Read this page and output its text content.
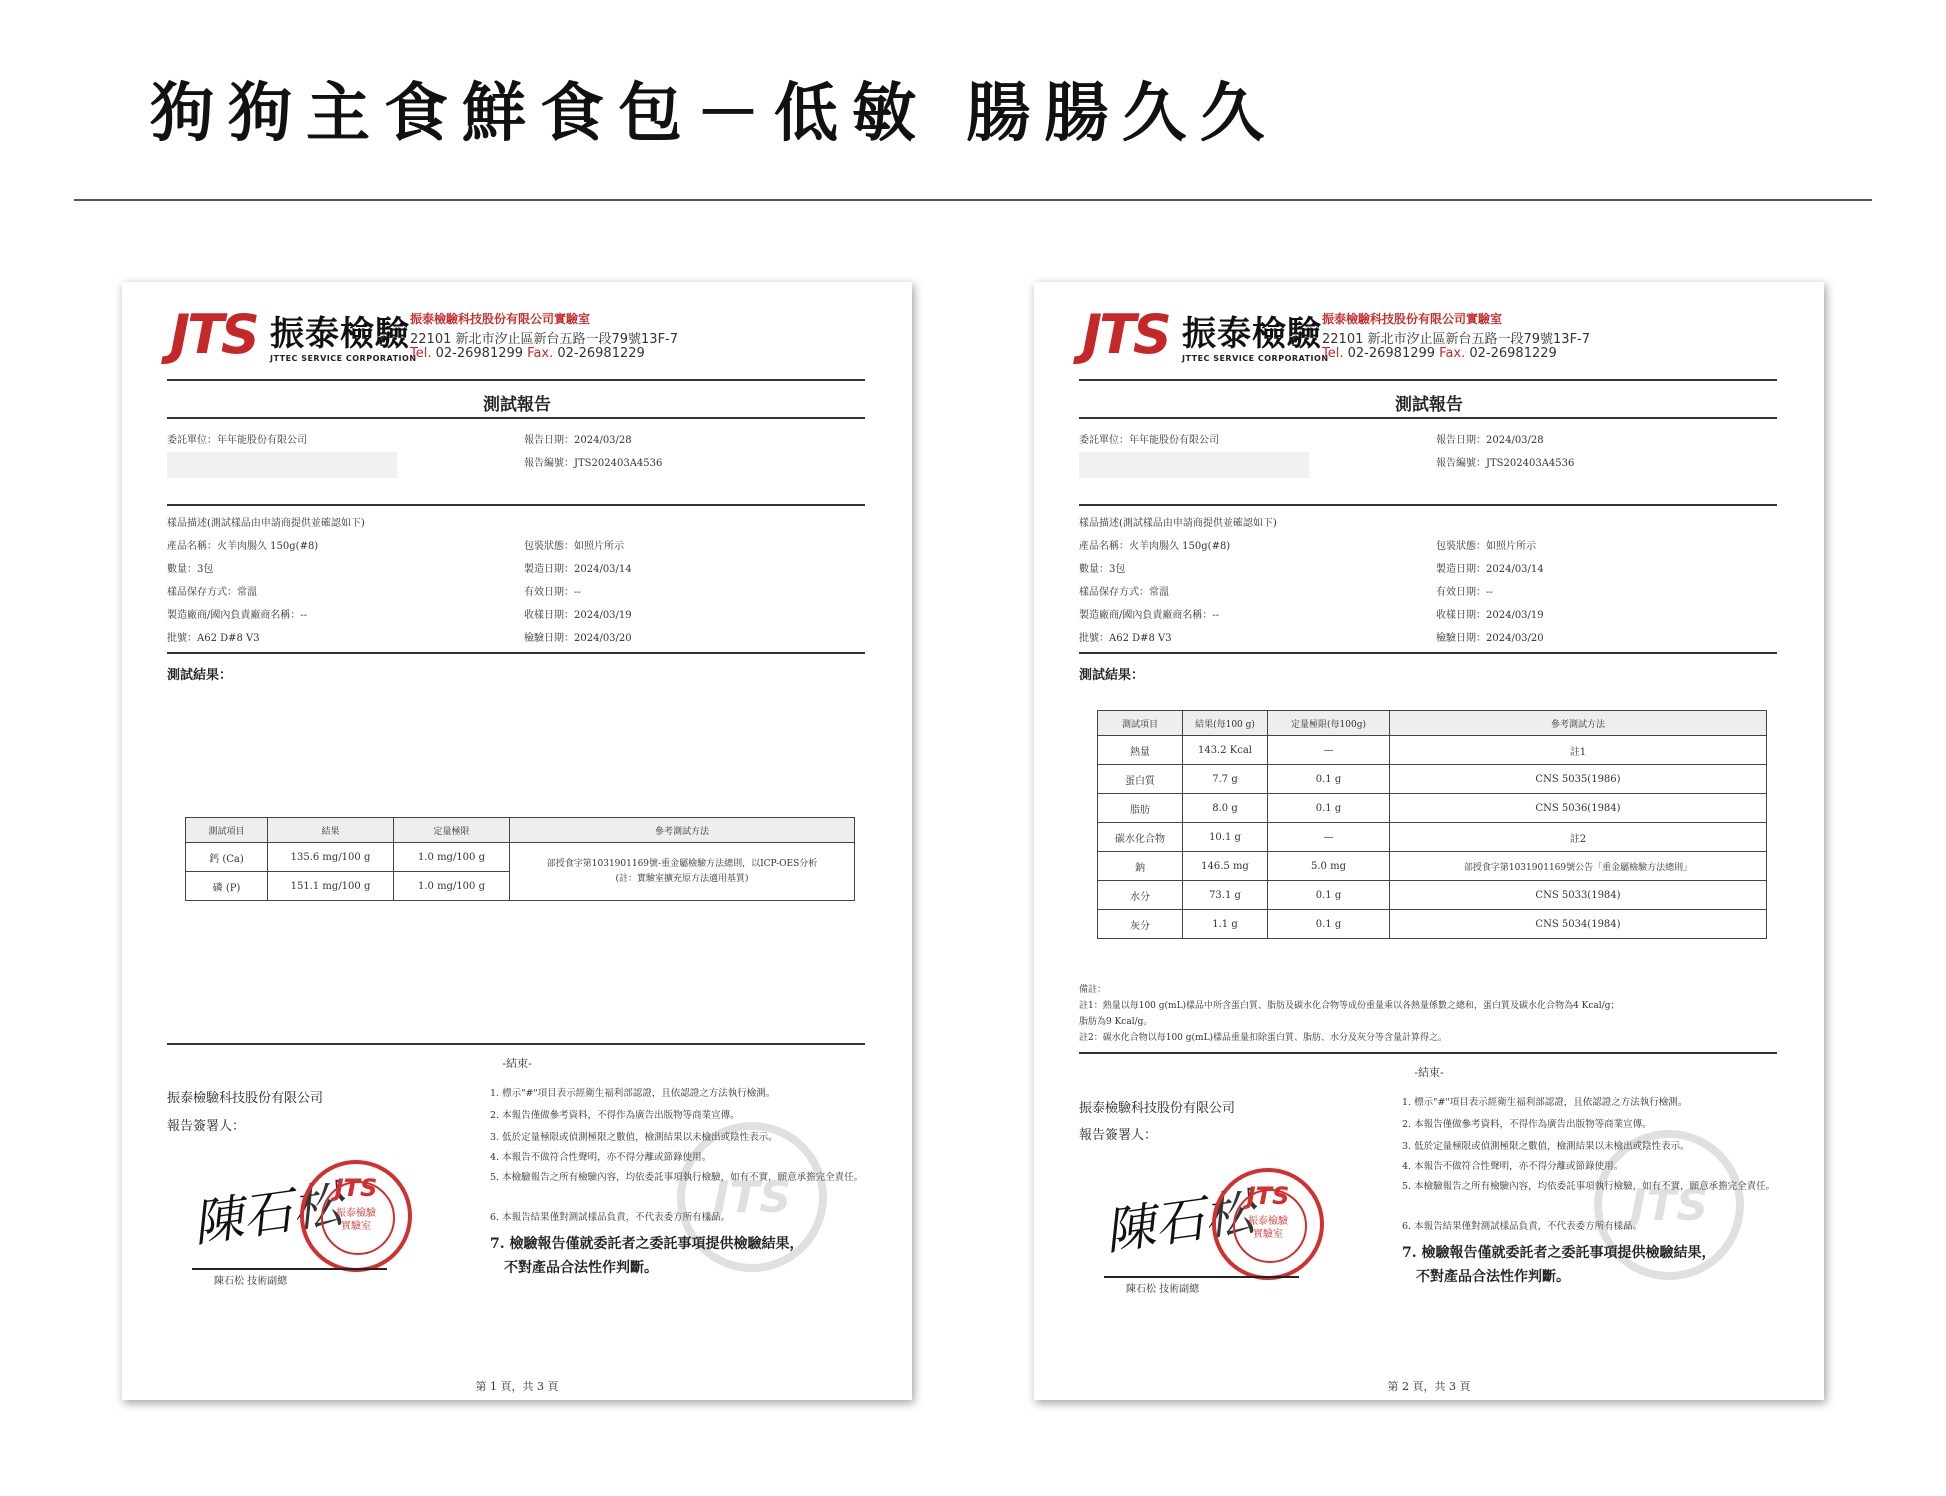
狗狗主食鮮食包－低敏 腸腸久久
JTS 振泰檢驗
JTTEC SERVICE CORPORATION
振泰檢驗科技股份有限公司實驗室
22101 新北市汐止區新台五路一段79號13F-7
Tel. 02-26981299 Fax. 02-26981229
測試報告
委託單位：年年能股份有限公司	報告日期：2024/03/28
報告編號：JTS202403A4536
樣品描述(測試樣品由申請商提供並確認如下)
產品名稱：火羊肉腸久 150g(#8)	包裝狀態：如照片所示
數量：3包	製造日期：2024/03/14
樣品保存方式：常溫	有效日期：--
製造廠商/國內負責廠商名稱：--	收樣日期：2024/03/19
批號：A62 D#8 V3	檢驗日期：2024/03/20
測試結果：
測試項目	結果	定量極限	參考測試方法
鈣 (Ca)	135.6 mg/100 g	1.0 mg/100 g	部授食字第1031901169號-重金屬檢驗方法總則，以ICP-OES分析
(註：實驗室擴充原方法適用基質)

磷 (P)	151.1 mg/100 g	1.0 mg/100 g	
-結束-
振泰檢驗科技股份有限公司
報告簽署人：
JTS
陳石松
JTS
振泰檢驗
實驗室
陳石松 技術副總
1. 標示"#"項目表示經衛生福利部認證，且依認證之方法執行檢測。
2. 本報告僅做參考資料，不得作為廣告出版物等商業宣傳。
3. 低於定量極限或偵測極限之數值，檢測結果以未檢出或陰性表示。
4. 本報告不做符合性聲明，亦不得分離或節錄使用。
5. 本檢驗報告之所有檢驗內容，均依委託事項執行檢驗，如有不實，願意承擔完全責任。
6. 本報告結果僅對測試樣品負責，不代表委方所有樣品。
7. 檢驗報告僅就委託者之委託事項提供檢驗結果，
不對產品合法性作判斷。
第 1 頁，共 3 頁
JTS 振泰檢驗
JTTEC SERVICE CORPORATION
振泰檢驗科技股份有限公司實驗室
22101 新北市汐止區新台五路一段79號13F-7
Tel. 02-26981299 Fax. 02-26981229
測試報告
委託單位：年年能股份有限公司	報告日期：2024/03/28
報告編號：JTS202403A4536
樣品描述(測試樣品由申請商提供並確認如下)
產品名稱：火羊肉腸久 150g(#8)	包裝狀態：如照片所示
數量：3包	製造日期：2024/03/14
樣品保存方式：常溫	有效日期：--
製造廠商/國內負責廠商名稱：--	收樣日期：2024/03/19
批號：A62 D#8 V3	檢驗日期：2024/03/20
測試結果：
測試項目	結果(每100 g)	定量極限(每100g)	參考測試方法
熱量	143.2 Kcal	—	註1
蛋白質	7.7 g	0.1 g	CNS 5035(1986)
脂肪	8.0 g	0.1 g	CNS 5036(1984)
碳水化合物	10.1 g	—	註2
鈉	146.5 mg	5.0 mg	部授食字第1031901169號公告「重金屬檢驗方法總則」
水分	73.1 g	0.1 g	CNS 5033(1984)
灰分	1.1 g	0.1 g	CNS 5034(1984)
備註：
註1：熱量以每100 g(mL)樣品中所含蛋白質、脂肪及碳水化合物等成份重量乘以各熱量係數之總和，蛋白質及碳水化合物為4 Kcal/g；
脂肪為9 Kcal/g。
註2：碳水化合物以每100 g(mL)樣品重量扣除蛋白質、脂肪、水分及灰分等含量計算得之。
-結束-
振泰檢驗科技股份有限公司
報告簽署人：
JTS
陳石松
JTS
振泰檢驗
實驗室
陳石松 技術副總
1. 標示"#"項目表示經衛生福利部認證，且依認證之方法執行檢測。
2. 本報告僅做參考資料，不得作為廣告出版物等商業宣傳。
3. 低於定量極限或偵測極限之數值，檢測結果以未檢出或陰性表示。
4. 本報告不做符合性聲明，亦不得分離或節錄使用。
5. 本檢驗報告之所有檢驗內容，均依委託事項執行檢驗，如有不實，願意承擔完全責任。
6. 本報告結果僅對測試樣品負責，不代表委方所有樣品。
7. 檢驗報告僅就委託者之委託事項提供檢驗結果，
不對產品合法性作判斷。
第 2 頁，共 3 頁
